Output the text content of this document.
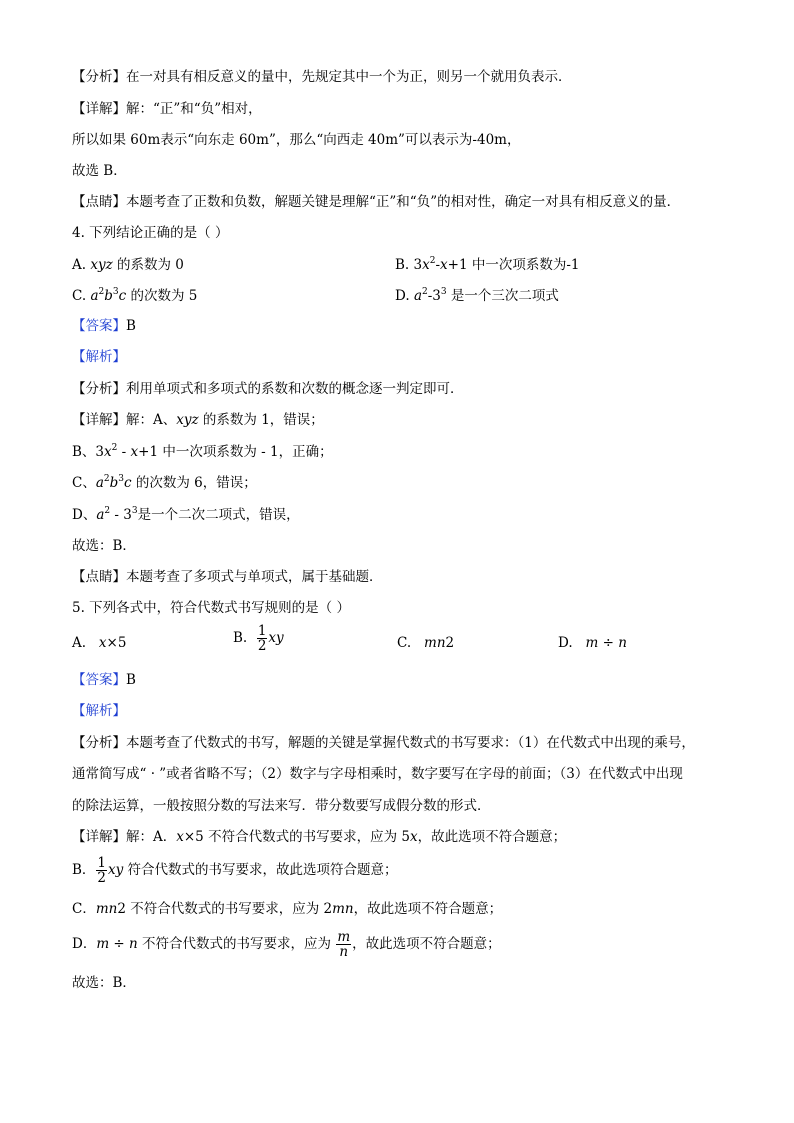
【分析】在一对具有相反意义的量中，先规定其中一个为正，则另一个就用负表示．
【详解】解：“正”和“负”相对，
所以如果 60m表示“向东走 60m”，那么“向西走 40m”可以表示为-40m，
故选 B．
【点睛】本题考查了正数和负数，解题关键是理解“正”和“负”的相对性，确定一对具有相反意义的量．
4. 下列结论正确的是（ ）
A. xyz 的系数为 0	B. $3x^2-x+1$ 中一次项系数为-1
C. $a^2b^3c$ 的次数为 5	D. $a^2-3^3$ 是一个三次二项式
【答案】B
【解析】
【分析】利用单项式和多项式的系数和次数的概念逐一判定即可．
【详解】解：A、xyz 的系数为 1，错误；
B、$3x^2 - x+1$ 中一次项系数为 - 1，正确；
C、$a^2b^3c$ 的次数为 6，错误；
D、$a^2 - 3^3$是一个二次二项式，错误，
故选：B．
【点睛】本题考查了多项式与单项式，属于基础题．
5. 下列各式中，符合代数式书写规则的是（ ）
A. x×5	B. $\frac{1}{2}$ xy	C. mn2	D. m ÷ n
【答案】B
【解析】
【分析】本题考查了代数式的书写，解题的关键是掌握代数式的书写要求：（1）在代数式中出现的乘号，
通常简写成“ · ”或者省略不写；（2）数字与字母相乘时，数字要写在字母的前面；（3）在代数式中出现
的除法运算，一般按照分数的写法来写．带分数要写成假分数的形式．
【详解】解：A．x×5 不符合代数式的书写要求，应为 5x，故此选项不符合题意；
B． $\frac{1}{2}$ xy 符合代数式的书写要求，故此选项符合题意；
C．mn2 不符合代数式的书写要求，应为 2mn，故此选项不符合题意；
D．m ÷ n 不符合代数式的书写要求，应为 $\frac{m}{n}$ ，故此选项不符合题意；
故选：B．
